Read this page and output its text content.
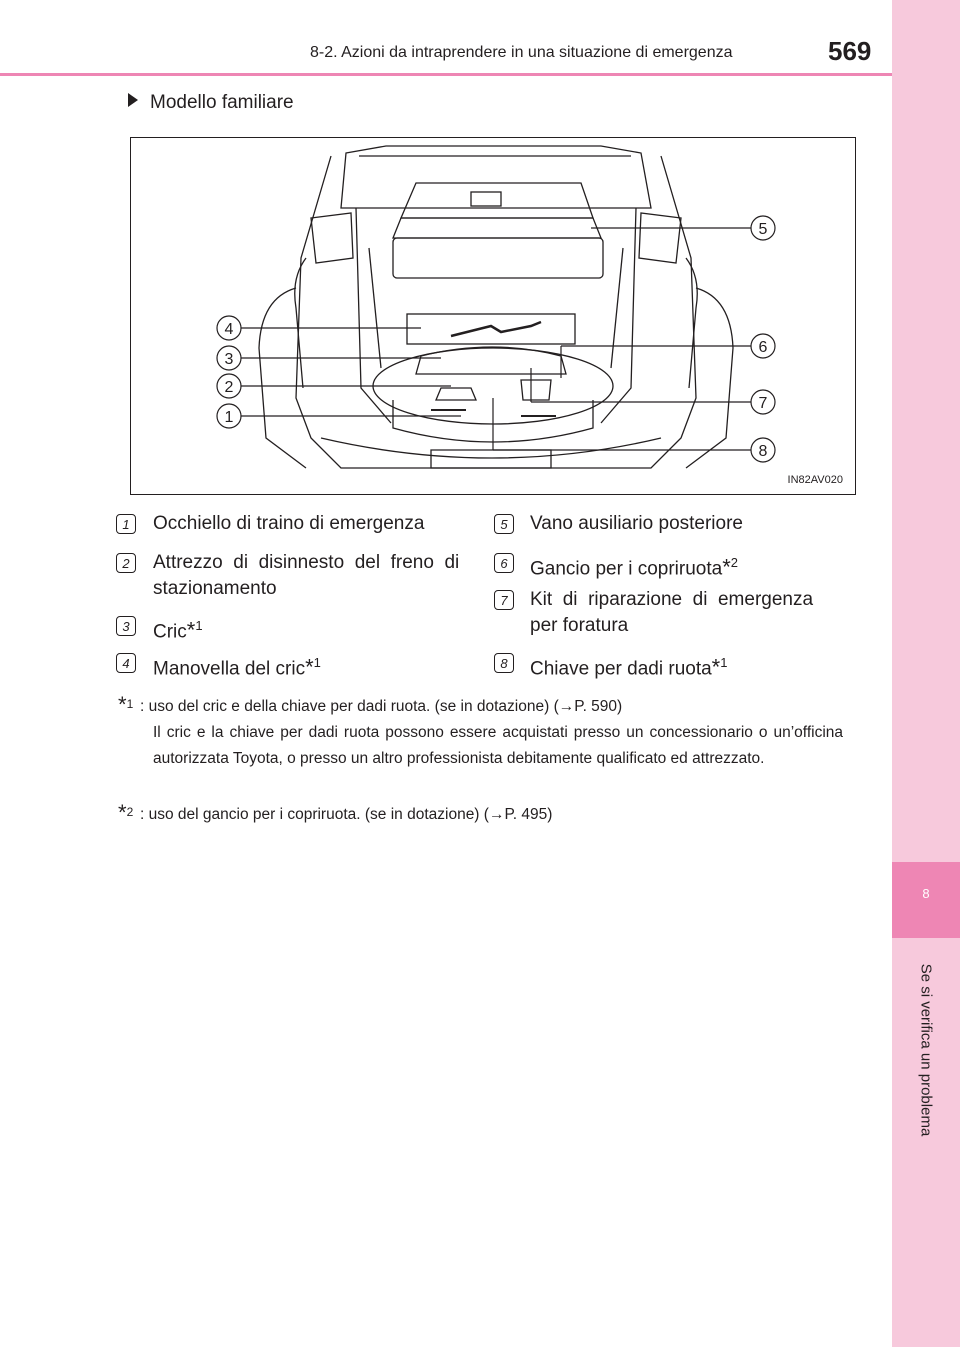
8
Se si verifica un problema
8-2. Azioni da intraprendere in una situazione di emergenza	569
Modello familiare
5
4
3
2
1
6
7
8
IN82AV020
1	Occhiello di traino di emergenza
2	Attrezzo  di  disinnesto  del  freno  di
stazionamento
3	Cric*$^1$
4	Manovella del cric*$^1$
5	Vano ausiliario posteriore
6	Gancio per i copriruota*$^2$
7	Kit  di  riparazione  di  emergenza
per foratura
8	Chiave per dadi ruota*$^1$
$*_1$ : uso del cric e della chiave per dadi ruota. (se in dotazione) (→P. 590)
Il cric e la chiave per dadi ruota possono essere acquistati presso un concessionario o un’officina autorizzata Toyota, o presso un altro professionista debitamente qualificato ed attrezzato.
$*_2$ : uso del gancio per i copriruota. (se in dotazione) (→P. 495)
